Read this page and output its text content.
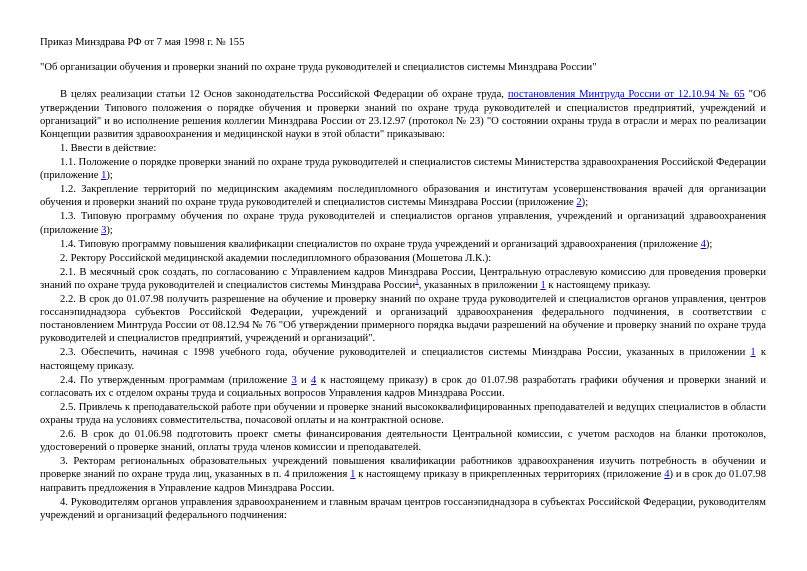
Приказ Минздрава РФ от 7 мая 1998 г. № 155
"Об организации обучения и проверки знаний по охране труда руководителей и специалистов системы Минздрава России"

В целях реализации статьи 12 Основ законодательства Российской Федерации об охране труда, постановления Минтруда России от 12.10.94 № 65 "Об утверждении Типового положения о порядке обучения и проверки знаний по охране труда руководителей и специалистов предприятий, учреждений и организаций" и во исполнение решения коллегии Минздрава России от 23.12.97 (протокол № 23) "О состоянии охраны труда в отрасли и мерах по реализации Концепции развития здравоохранения и медицинской науки в этой области" приказываю:

1. Ввести в действие:

1.1. Положение о порядке проверки знаний по охране труда руководителей и специалистов системы Министерства здравоохранения Российской Федерации (приложение 1);

1.2. Закрепление территорий по медицинским академиям последипломного образования и институтам усовершенствования врачей для организации обучения и проверки знаний по охране труда руководителей и специалистов системы Минздрава России (приложение 2);

1.3. Типовую программу обучения по охране труда руководителей и специалистов органов управления, учреждений и организаций здравоохранения (приложение 3);

1.4. Типовую программу повышения квалификации специалистов по охране труда учреждений и организаций здравоохранения (приложение 4);

2. Ректору Российской медицинской академии последипломного образования (Мошетова Л.К.):

2.1. В месячный срок создать, по согласованию с Управлением кадров Минздрава России, Центральную отраслевую комиссию для проведения проверки знаний по охране труда руководителей и специалистов системы Минздрава России$^1$, указанных в приложении 1 к настоящему приказу.

2.2. В срок до 01.07.98 получить разрешение на обучение и проверку знаний по охране труда руководителей и специалистов органов управления, центров госсанэпиднадзора субъектов Российской Федерации, учреждений и организаций здравоохранения федерального подчинения, в соответствии с постановлением Минтруда России от 08.12.94 № 76 "Об утверждении примерного порядка выдачи разрешений на обучение и проверку знаний по охране труда руководителей и специалистов предприятий, учреждений и организаций".

2.3. Обеспечить, начиная с 1998 учебного года, обучение руководителей и специалистов системы Минздрава России, указанных в приложении 1 к настоящему приказу.

2.4. По утвержденным программам (приложение 3 и 4 к настоящему приказу) в срок до 01.07.98 разработать графики обучения и проверки знаний и согласовать их с отделом охраны труда и социальных вопросов Управления кадров Минздрава России.

2.5. Привлечь к преподавательской работе при обучении и проверке знаний высококвалифицированных преподавателей и ведущих специалистов в области охраны труда на условиях совместительства, почасовой оплаты и на контрактной основе.

2.6. В срок до 01.06.98 подготовить проект сметы финансирования деятельности Центральной комиссии, с учетом расходов на бланки протоколов, удостоверений о проверке знаний, оплаты труда членов комиссии и преподавателей.

3. Ректорам региональных образовательных учреждений повышения квалификации работников здравоохранения изучить потребность в обучении и проверке знаний по охране труда лиц, указанных в п. 4 приложения 1 к настоящему приказу в прикрепленных территориях (приложение 4) и в срок до 01.07.98 направить предложения в Управление кадров Минздрава России.

4. Руководителям органов управления здравоохранением и главным врачам центров госсанэпиднадзора в субъектах Российской Федерации, руководителям учреждений и организаций федерального подчинения:
